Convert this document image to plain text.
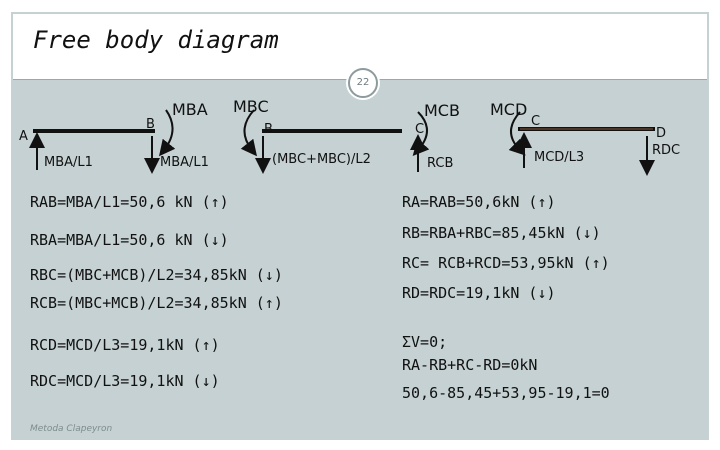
Free body diagram
22
A
B
MBA MBC
B
MCB
C
MCD
C
D
MBA/L1	MBA/L1	(MBC+MBC)/L2	RCB	MCD/L3	RDC
RAB=MBA/L1=50,6 kN (↑)
RBA=MBA/L1=50,6 kN (↓)
RBC=(MBC+MCB)/L2=34,85kN (↓)
RCB=(MBC+MCB)/L2=34,85kN (↑)
RCD=MCD/L3=19,1kN (↑)
RDC=MCD/L3=19,1kN (↓)
RA=RAB=50,6kN (↑)
RB=RBA+RBC=85,45kN (↓)
RC= RCB+RCD=53,95kN (↑)
RD=RDC=19,1kN (↓)
ΣV=0;
RA-RB+RC-RD=0kN
50,6-85,45+53,95-19,1=0
Metoda Clapeyron
